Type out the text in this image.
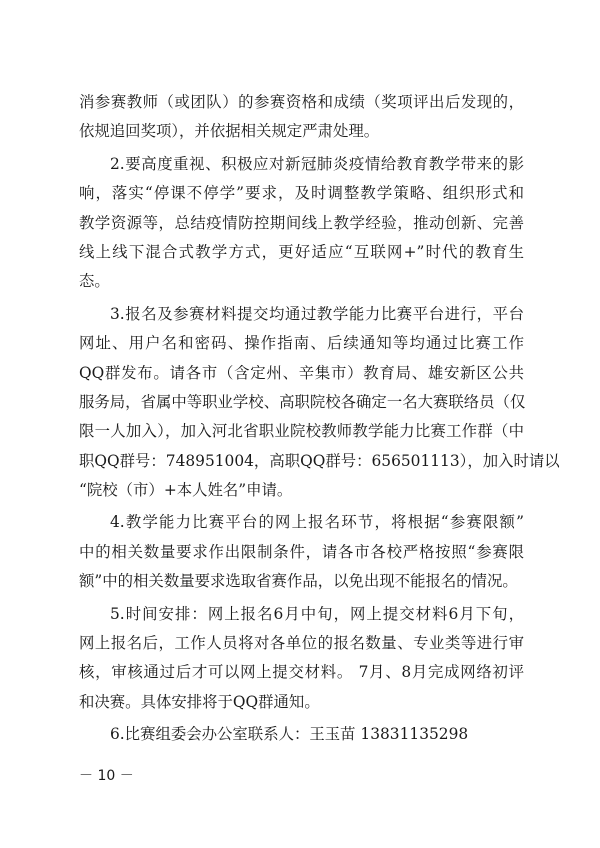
消参赛教师（或团队）的参赛资格和成绩（奖项评出后发现的，
依规追回奖项），并依据相关规定严肃处理。
2.要高度重视、积极应对新冠肺炎疫情给教育教学带来的影
响，落实“停课不停学”要求，及时调整教学策略、组织形式和
教学资源等，总结疫情防控期间线上教学经验，推动创新、完善
线上线下混合式教学方式，更好适应“互联网+”时代的教育生
态。
3.报名及参赛材料提交均通过教学能力比赛平台进行，平台
网址、用户名和密码、操作指南、后续通知等均通过比赛工作
QQ群发布。请各市（含定州、辛集市）教育局、雄安新区公共
服务局，省属中等职业学校、高职院校各确定一名大赛联络员（仅
限一人加入），加入河北省职业院校教师教学能力比赛工作群（中
职QQ群号：748951004，高职QQ群号：656501113），加入时请以
“院校（市）+本人姓名”申请。
4.教学能力比赛平台的网上报名环节，将根据“参赛限额”
中的相关数量要求作出限制条件，请各市各校严格按照“参赛限
额”中的相关数量要求选取省赛作品，以免出现不能报名的情况。
5.时间安排：网上报名6月中旬，网上提交材料6月下旬，
网上报名后，工作人员将对各单位的报名数量、专业类等进行审
核，审核通过后才可以网上提交材料。 7月、8月完成网络初评
和决赛。具体安排将于QQ群通知。
6.比赛组委会办公室联系人：王玉苗 13831135298
－ 10 －
